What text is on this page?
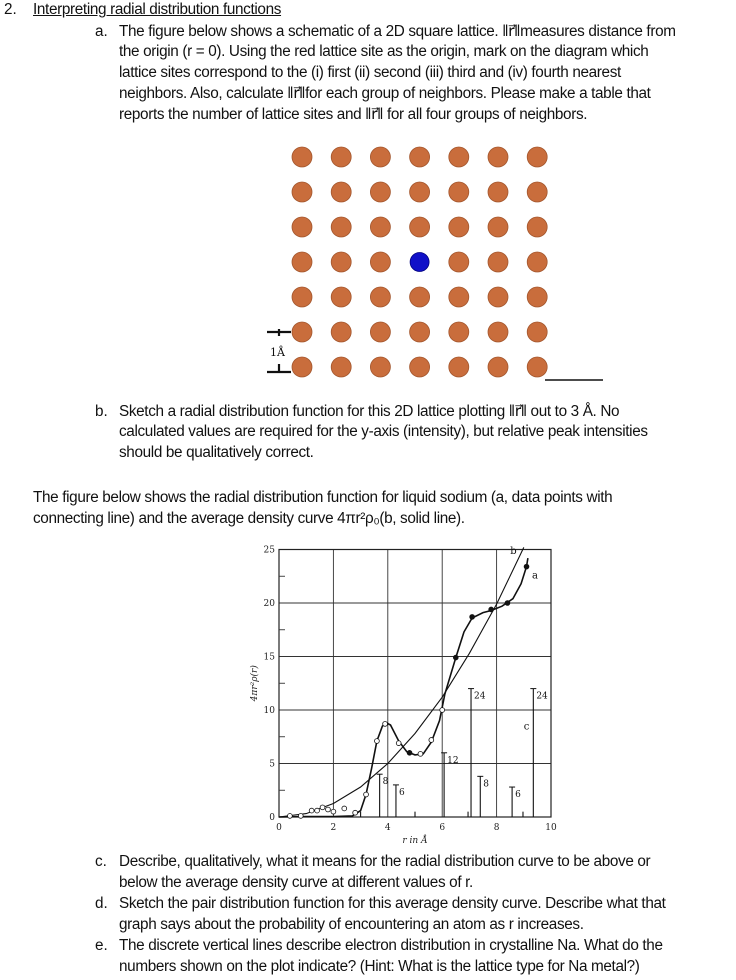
2. Interpreting radial distribution functions
a. The figure below shows a schematic of a 2D square lattice. ‖r⃗‖measures distance from
the origin (r = 0). Using the red lattice site as the origin, mark on the diagram which
lattice sites correspond to the (i) first (ii) second (iii) third and (iv) fourth nearest
neighbors. Also, calculate ‖r⃗‖for each group of neighbors. Please make a table that
reports the number of lattice sites and ‖r⃗‖ for all four groups of neighbors.
1Å
b. Sketch a radial distribution function for this 2D lattice plotting ‖r⃗‖ out to 3 Å. No
calculated values are required for the y-axis (intensity), but relative peak intensities
should be qualitatively correct.
The figure below shows the radial distribution function for liquid sodium (a, data points with
connecting line) and the average density curve 4πr²ρ₀(b, solid line).
0
5
10
15
20
25
0	2	4	6	8	10
r in Å
4πr²ρ(r)
8
6
12
24
8
6
24
a
b
c
c. Describe, qualitatively, what it means for the radial distribution curve to be above or
below the average density curve at different values of r.
d. Sketch the pair distribution function for this average density curve. Describe what that
graph says about the probability of encountering an atom as r increases.
e. The discrete vertical lines describe electron distribution in crystalline Na. What do the
numbers shown on the plot indicate? (Hint: What is the lattice type for Na metal?)
